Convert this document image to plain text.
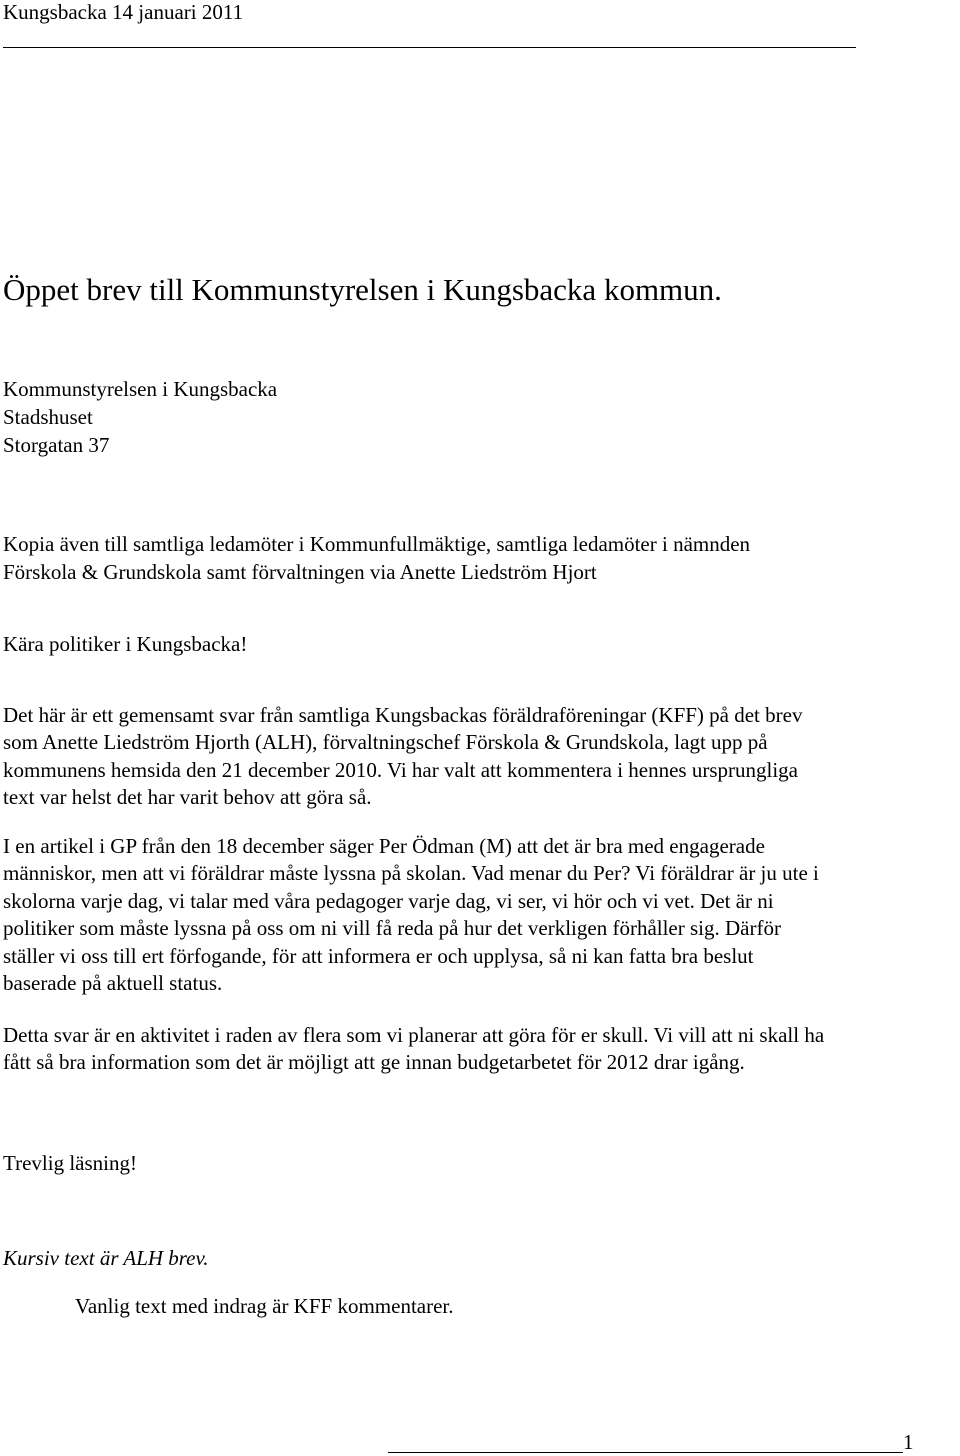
Kungsbacka 14 januari 2011
Öppet brev till Kommunstyrelsen i Kungsbacka kommun.
Kommunstyrelsen i Kungsbacka
Stadshuset
Storgatan 37
Kopia även till samtliga ledamöter i Kommunfullmäktige, samtliga ledamöter i nämnden
Förskola & Grundskola samt förvaltningen via Anette Liedström Hjort
Kära politiker i Kungsbacka!
Det här är ett gemensamt svar från samtliga Kungsbackas föräldraföreningar (KFF) på det brev
som Anette Liedström Hjorth (ALH), förvaltningschef Förskola & Grundskola, lagt upp på
kommunens hemsida den 21 december 2010. Vi har valt att kommentera i hennes ursprungliga
text var helst det har varit behov att göra så.
I en artikel i GP från den 18 december säger Per Ödman (M) att det är bra med engagerade
människor, men att vi föräldrar måste lyssna på skolan. Vad menar du Per? Vi föräldrar är ju ute i
skolorna varje dag, vi talar med våra pedagoger varje dag, vi ser, vi hör och vi vet. Det är ni
politiker som måste lyssna på oss om ni vill få reda på hur det verkligen förhåller sig. Därför
ställer vi oss till ert förfogande, för att informera er och upplysa, så ni kan fatta bra beslut
baserade på aktuell status.
Detta svar är en aktivitet i raden av flera som vi planerar att göra för er skull. Vi vill att ni skall ha
fått så bra information som det är möjligt att ge innan budgetarbetet för 2012 drar igång.
Trevlig läsning!
Kursiv text är ALH brev.
Vanlig text med indrag är KFF kommentarer.
1
